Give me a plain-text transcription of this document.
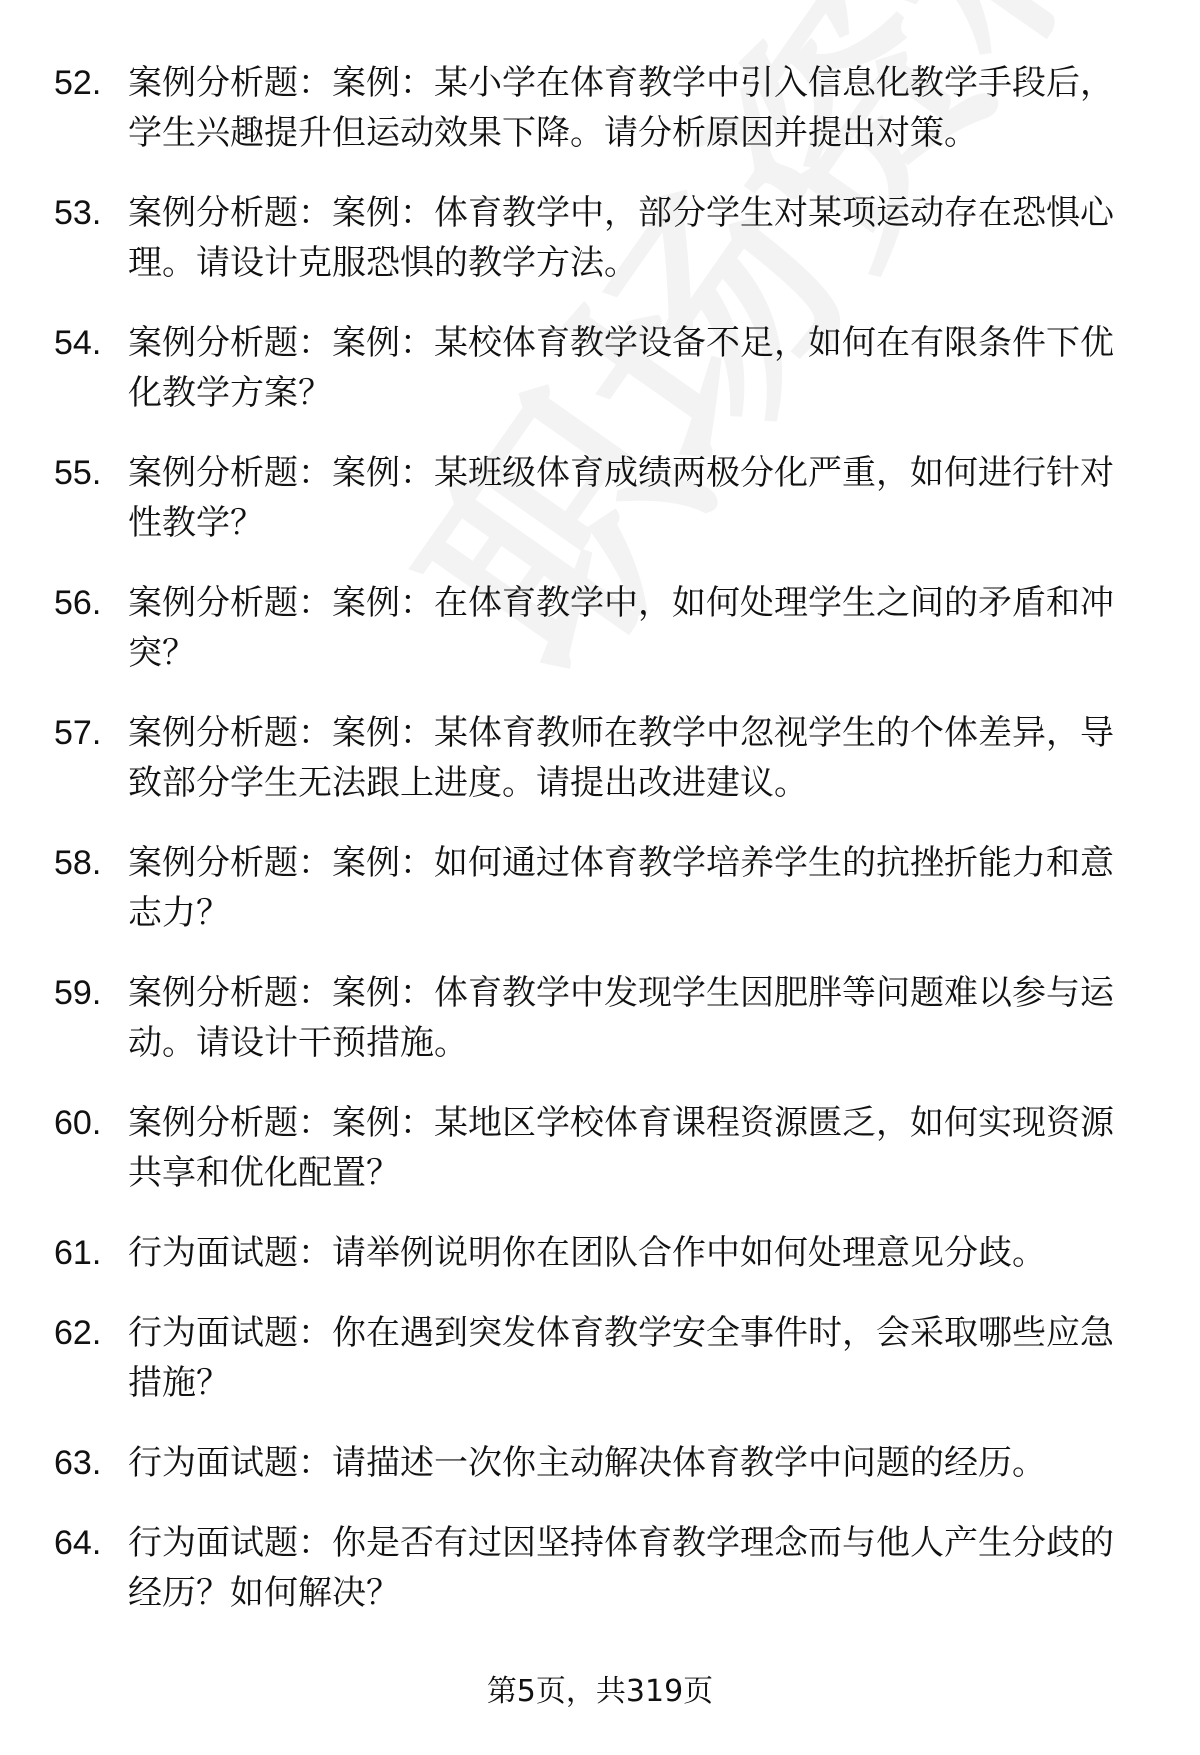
52. 案例分析题：案例：某小学在体育教学中引入信息化教学手段后，学生兴趣提升但运动效果下降。请分析原因并提出对策。
53. 案例分析题：案例：体育教学中，部分学生对某项运动存在恐惧心理。请设计克服恐惧的教学方法。
54. 案例分析题：案例：某校体育教学设备不足，如何在有限条件下优化教学方案？
55. 案例分析题：案例：某班级体育成绩两极分化严重，如何进行针对性教学？
56. 案例分析题：案例：在体育教学中，如何处理学生之间的矛盾和冲突？
57. 案例分析题：案例：某体育教师在教学中忽视学生的个体差异，导致部分学生无法跟上进度。请提出改进建议。
58. 案例分析题：案例：如何通过体育教学培养学生的抗挫折能力和意志力？
59. 案例分析题：案例：体育教学中发现学生因肥胖等问题难以参与运动。请设计干预措施。
60. 案例分析题：案例：某地区学校体育课程资源匮乏，如何实现资源共享和优化配置？
61. 行为面试题：请举例说明你在团队合作中如何处理意见分歧。
62. 行为面试题：你在遇到突发体育教学安全事件时，会采取哪些应急措施？
63. 行为面试题：请描述一次你主动解决体育教学中问题的经历。
64. 行为面试题：你是否有过因坚持体育教学理念而与他人产生分歧的经历？如何解决？
第5页，共319页
